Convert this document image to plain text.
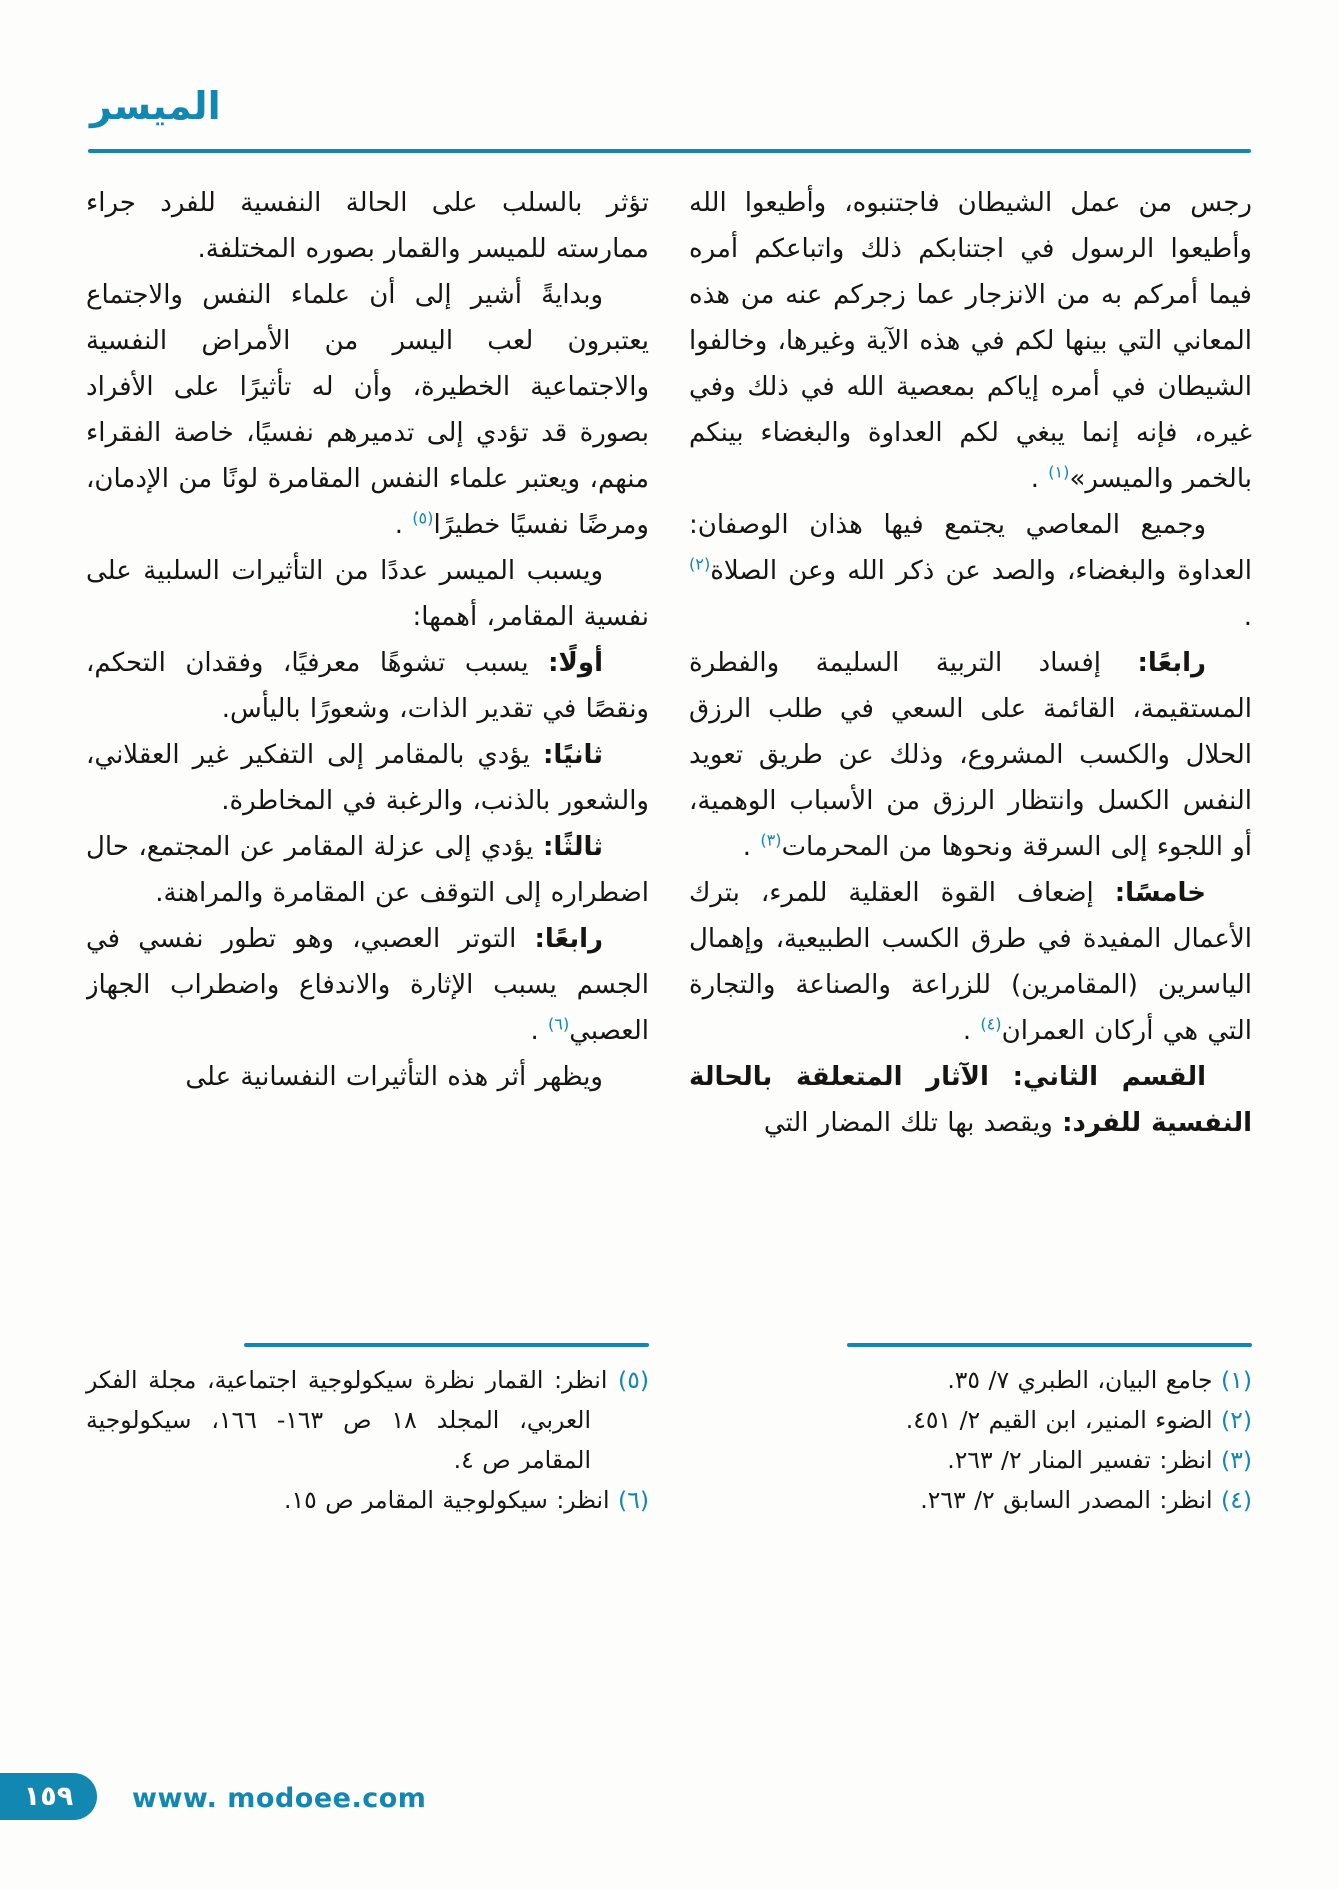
الميسر

رجس من عمل الشيطان فاجتنبوه، وأطيعوا الله وأطيعوا الرسول في اجتنابكم ذلك واتباعكم أمره فيما أمركم به من الانزجار عما زجركم عنه من هذه المعاني التي بينها لكم في هذه الآية وغيرها، وخالفوا الشيطان في أمره إياكم بمعصية الله في ذلك وفي غيره، فإنه إنما يبغي لكم العداوة والبغضاء بينكم بالخمر والميسر»$^{(١)}$ .

وجميع المعاصي يجتمع فيها هذان الوصفان: العداوة والبغضاء، والصد عن ذكر الله وعن الصلاة$^{(٢)}$ .

رابعًا: إفساد التربية السليمة والفطرة المستقيمة، القائمة على السعي في طلب الرزق الحلال والكسب المشروع، وذلك عن طريق تعويد النفس الكسل وانتظار الرزق من الأسباب الوهمية، أو اللجوء إلى السرقة ونحوها من المحرمات$^{(٣)}$ .

خامسًا: إضعاف القوة العقلية للمرء، بترك الأعمال المفيدة في طرق الكسب الطبيعية، وإهمال الياسرين (المقامرين) للزراعة والصناعة والتجارة التي هي أركان العمران$^{(٤)}$ .

القسم الثاني: الآثار المتعلقة بالحالة النفسية للفرد: ويقصد بها تلك المضار التي

(١) جامع البيان، الطبري ٧/ ٣٥.
(٢) الضوء المنير، ابن القيم ٢/ ٤٥١.
(٣) انظر: تفسير المنار ٢/ ٢٦٣.
(٤) انظر: المصدر السابق ٢/ ٢٦٣.

تؤثر بالسلب على الحالة النفسية للفرد جراء ممارسته للميسر والقمار بصوره المختلفة.

وبدايةً أشير إلى أن علماء النفس والاجتماع يعتبرون لعب اليسر من الأمراض النفسية والاجتماعية الخطيرة، وأن له تأثيرًا على الأفراد بصورة قد تؤدي إلى تدميرهم نفسيًا، خاصة الفقراء منهم، ويعتبر علماء النفس المقامرة لونًا من الإدمان، ومرضًا نفسيًا خطيرًا$^{(٥)}$ .

ويسبب الميسر عددًا من التأثيرات السلبية على نفسية المقامر، أهمها:

أولًا: يسبب تشوهًا معرفيًا، وفقدان التحكم، ونقصًا في تقدير الذات، وشعورًا باليأس.

ثانيًا: يؤدي بالمقامر إلى التفكير غير العقلاني، والشعور بالذنب، والرغبة في المخاطرة.

ثالثًا: يؤدي إلى عزلة المقامر عن المجتمع، حال اضطراره إلى التوقف عن المقامرة والمراهنة.

رابعًا: التوتر العصبي، وهو تطور نفسي في الجسم يسبب الإثارة والاندفاع واضطراب الجهاز العصبي$^{(٦)}$ .

ويظهر أثر هذه التأثيرات النفسانية على

(٥) انظر: القمار نظرة سيكولوجية اجتماعية، مجلة الفكر العربي، المجلد ١٨ ص ١٦٣- ١٦٦، سيكولوجية المقامر ص ٤.
(٦) انظر: سيكولوجية المقامر ص ١٥.
١٥٩ www. modoee.com
